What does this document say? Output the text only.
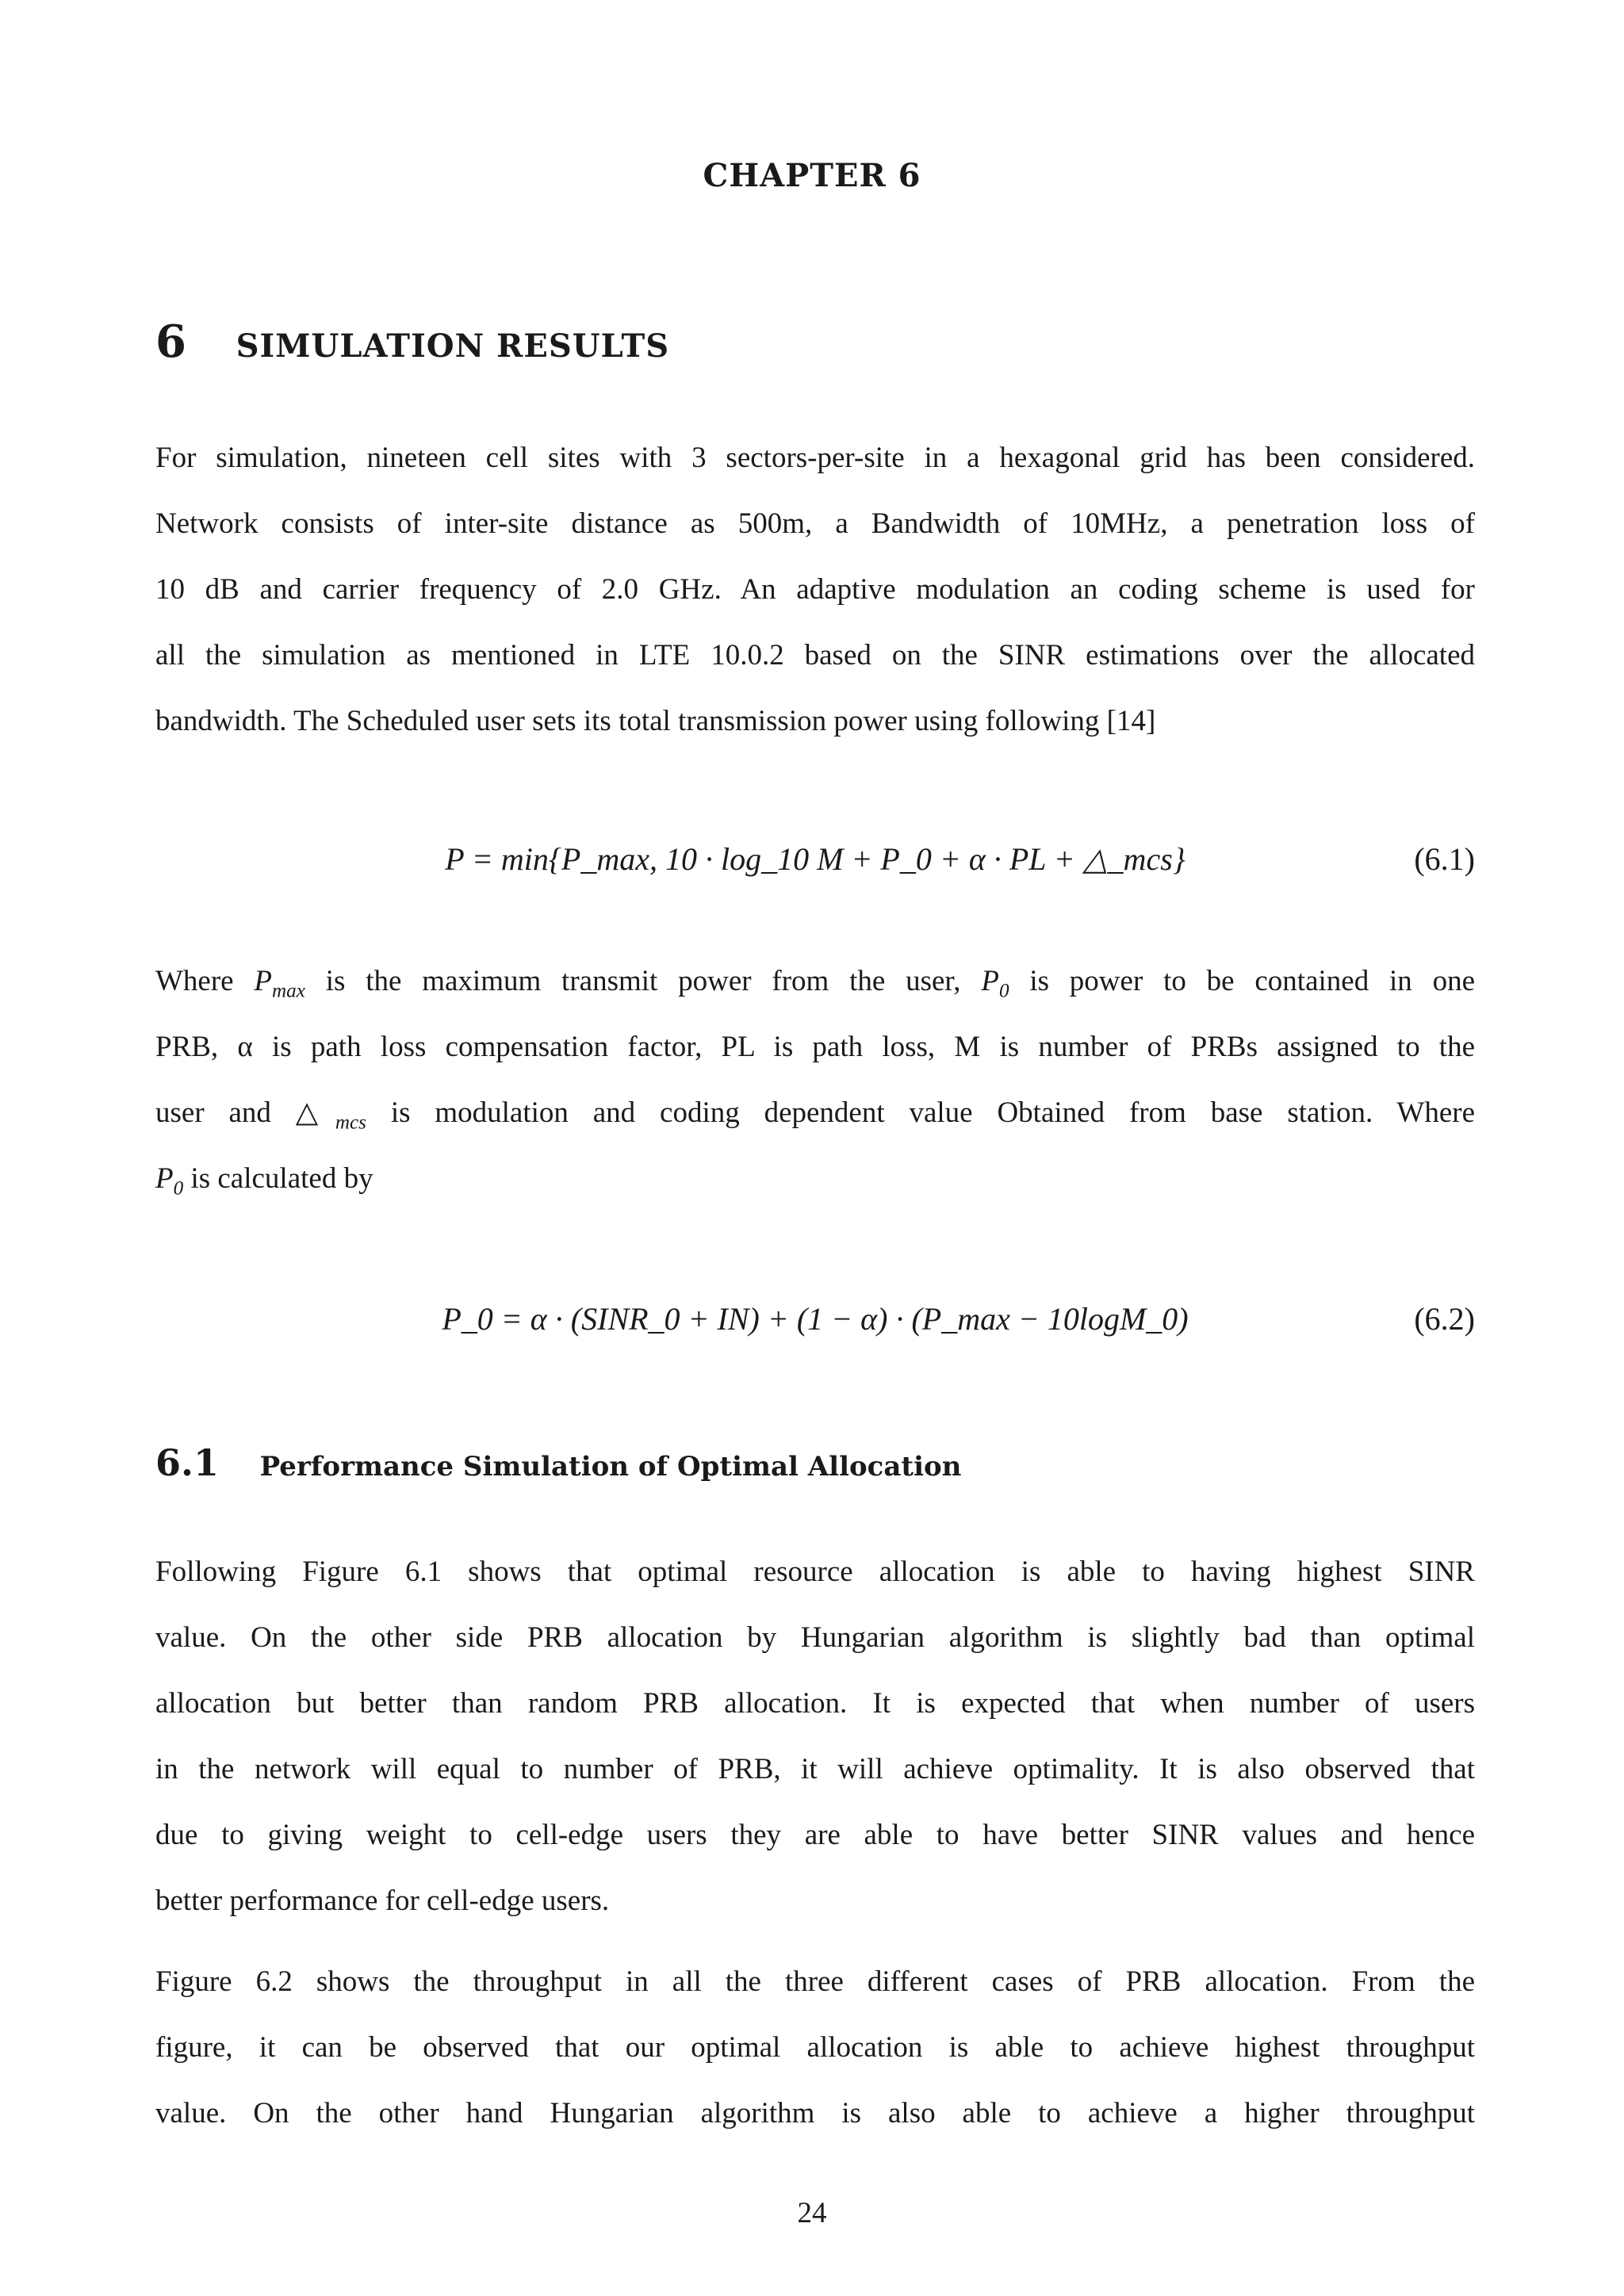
CHAPTER 6
6 SIMULATION RESULTS
For simulation, nineteen cell sites with 3 sectors-per-site in a hexagonal grid has been considered.
Network consists of inter-site distance as 500m, a Bandwidth of 10MHz, a penetration loss of
10 dB and carrier frequency of 2.0 GHz. An adaptive modulation an coding scheme is used for
all the simulation as mentioned in LTE 10.0.2 based on the SINR estimations over the allocated
bandwidth. The Scheduled user sets its total transmission power using following [14]
P = min{P_max, 10 · log_10 M + P_0 + α · PL + △_mcs}	(6.1)
Where $P_{max}$ is the maximum transmit power from the user, $P_0$ is power to be contained in one
PRB, α is path loss compensation factor, PL is path loss, M is number of PRBs assigned to the
user and $\triangle_{mcs}$ is modulation and coding dependent value Obtained from base station. Where
$P_0$ is calculated by
P_0 = α · (SINR_0 + IN) + (1 − α) · (P_max − 10logM_0)	(6.2)
6.1 Performance Simulation of Optimal Allocation
Following Figure 6.1 shows that optimal resource allocation is able to having highest SINR
value. On the other side PRB allocation by Hungarian algorithm is slightly bad than optimal
allocation but better than random PRB allocation. It is expected that when number of users
in the network will equal to number of PRB, it will achieve optimality. It is also observed that
due to giving weight to cell-edge users they are able to have better SINR values and hence
better performance for cell-edge users.
Figure 6.2 shows the throughput in all the three different cases of PRB allocation. From the
figure, it can be observed that our optimal allocation is able to achieve highest throughput
value. On the other hand Hungarian algorithm is also able to achieve a higher throughput
24
